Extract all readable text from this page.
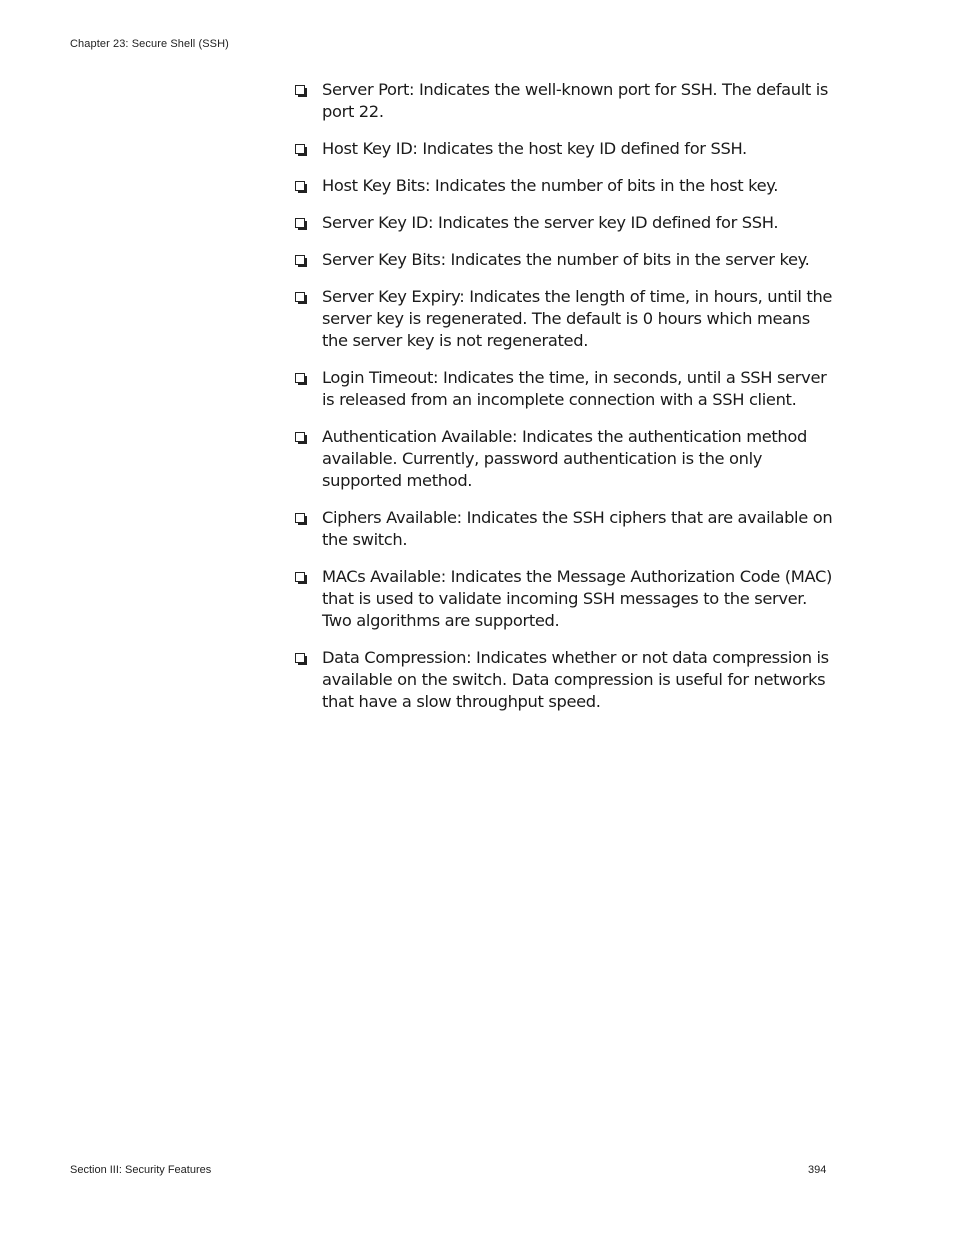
Chapter 23: Secure Shell (SSH)
Server Port: Indicates the well-known port for SSH. The default is port 22.
Host Key ID: Indicates the host key ID defined for SSH.
Host Key Bits: Indicates the number of bits in the host key.
Server Key ID: Indicates the server key ID defined for SSH.
Server Key Bits: Indicates the number of bits in the server key.
Server Key Expiry: Indicates the length of time, in hours, until the server key is regenerated. The default is 0 hours which means the server key is not regenerated.
Login Timeout: Indicates the time, in seconds, until a SSH server is released from an incomplete connection with a SSH client.
Authentication Available: Indicates the authentication method available. Currently, password authentication is the only supported method.
Ciphers Available: Indicates the SSH ciphers that are available on the switch.
MACs Available: Indicates the Message Authorization Code (MAC) that is used to validate incoming SSH messages to the server. Two algorithms are supported.
Data Compression: Indicates whether or not data compression is available on the switch. Data compression is useful for networks that have a slow throughput speed.
Section III: Security Features	394
